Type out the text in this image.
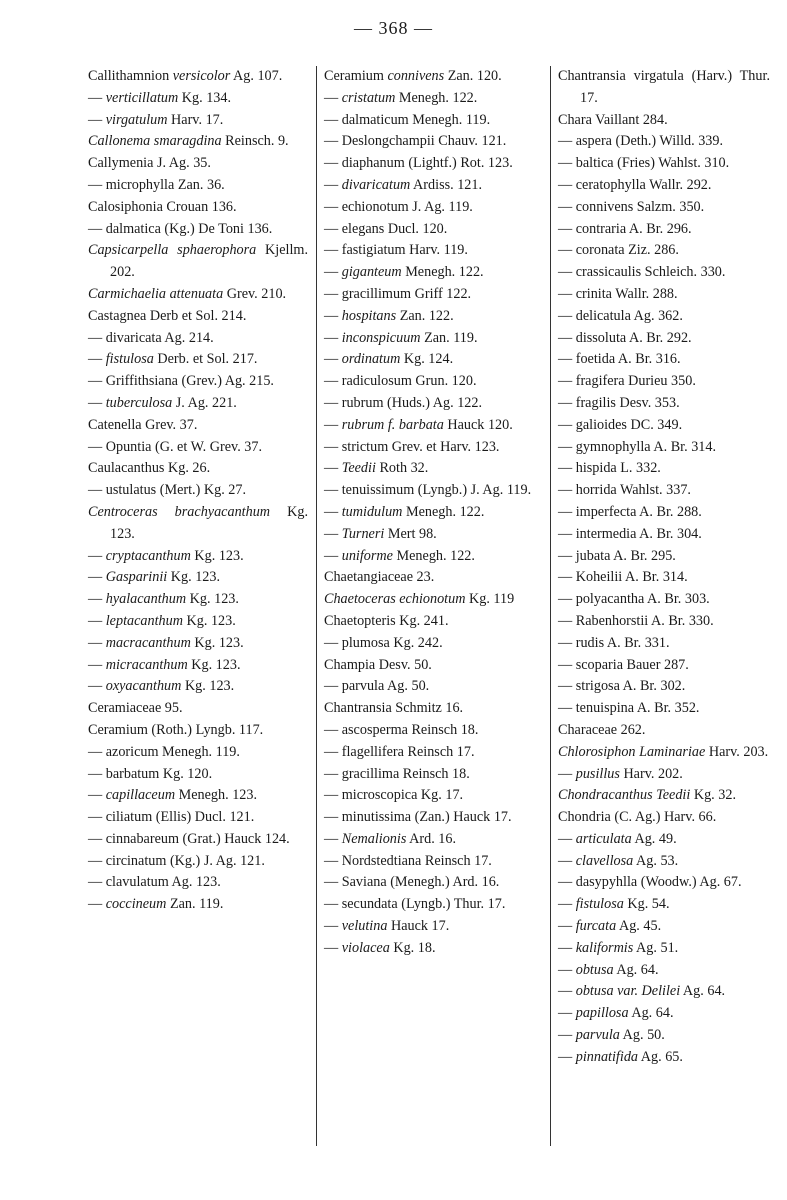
— 368 —
Callithamnion versicolor Ag. 107.
— verticillatum Kg. 134.
— virgatulum Harv. 17.
Callonema smaragdina Reinsch. 9.
Callymenia J. Ag. 35.
— microphylla Zan. 36.
Calosiphonia Crouan 136.
— dalmatica (Kg.) De Toni 136.
Capsicarpella sphaerophora Kjellm. 202.
Carmichaelia attenuata Grev. 210.
Castagnea Derb et Sol. 214.
— divaricata Ag. 214.
— fistulosa Derb. et Sol. 217.
— Griffithsiana (Grev.) Ag. 215.
— tuberculosa J. Ag. 221.
Catenella Grev. 37.
— Opuntia (G. et W. Grev. 37.
Caulacanthus Kg. 26.
— ustulatus (Mert.) Kg. 27.
Centroceras brachyacanthum Kg. 123.
— cryptacanthum Kg. 123.
— Gasparinii Kg. 123.
— hyalacanthum Kg. 123.
— leptacanthum Kg. 123.
— macracanthum Kg. 123.
— micracanthum Kg. 123.
— oxyacanthum Kg. 123.
Ceramiaceae 95.
Ceramium (Roth.) Lyngb. 117.
— azoricum Menegh. 119.
— barbatum Kg. 120.
— capillaceum Menegh. 123.
— ciliatum (Ellis) Ducl. 121.
— cinnabareum (Grat.) Hauck 124.
— circinatum (Kg.) J. Ag. 121.
— clavulatum Ag. 123.
— coccineum Zan. 119.
Ceramium connivens Zan. 120.
— cristatum Menegh. 122.
— dalmaticum Menegh. 119.
— Deslongchampii Chauv. 121.
— diaphanum (Lightf.) Rot. 123.
— divaricatum Ardiss. 121.
— echionotum J. Ag. 119.
— elegans Ducl. 120.
— fastigiatum Harv. 119.
— giganteum Menegh. 122.
— gracillimum Griff 122.
— hospitans Zan. 122.
— inconspicuum Zan. 119.
— ordinatum Kg. 124.
— radiculosum Grun. 120.
— rubrum (Huds.) Ag. 122.
— rubrum f. barbata Hauck 120.
— strictum Grev. et Harv. 123.
— Teedii Roth 32.
— tenuissimum (Lyngb.) J. Ag. 119.
— tumidulum Menegh. 122.
— Turneri Mert 98.
— uniforme Menegh. 122.
Chaetangiaceae 23.
Chaetoceras echionotum Kg. 119
Chaetopteris Kg. 241.
— plumosa Kg. 242.
Champia Desv. 50.
— parvula Ag. 50.
Chantransia Schmitz 16.
— ascosperma Reinsch 18.
— flagellifera Reinsch 17.
— gracillima Reinsch 18.
— microscopica Kg. 17.
— minutissima (Zan.) Hauck 17.
— Nemalionis Ard. 16.
— Nordstedtiana Reinsch 17.
— Saviana (Menegh.) Ard. 16.
— secundata (Lyngb.) Thur. 17.
— velutina Hauck 17.
— violacea Kg. 18.
Chantransia virgatula (Harv.) Thur. 17.
Chara Vaillant 284.
— aspera (Deth.) Willd. 339.
— baltica (Fries) Wahlst. 310.
— ceratophylla Wallr. 292.
— connivens Salzm. 350.
— contraria A. Br. 296.
— coronata Ziz. 286.
— crassicaulis Schleich. 330.
— crinita Wallr. 288.
— delicatula Ag. 362.
— dissoluta A. Br. 292.
— foetida A. Br. 316.
— fragifera Durieu 350.
— fragilis Desv. 353.
— galioides DC. 349.
— gymnophylla A. Br. 314.
— hispida L. 332.
— horrida Wahlst. 337.
— imperfecta A. Br. 288.
— intermedia A. Br. 304.
— jubata A. Br. 295.
— Koheilii A. Br. 314.
— polyacantha A. Br. 303.
— Rabenhorstii A. Br. 330.
— rudis A. Br. 331.
— scoparia Bauer 287.
— strigosa A. Br. 302.
— tenuispina A. Br. 352.
Characeae 262.
Chlorosiphon Laminariae Harv. 203.
— pusillus Harv. 202.
Chondracanthus Teedii Kg. 32.
Chondria (C. Ag.) Harv. 66.
— articulata Ag. 49.
— clavellosa Ag. 53.
— dasypyhlla (Woodw.) Ag. 67.
— fistulosa Kg. 54.
— furcata Ag. 45.
— kaliformis Ag. 51.
— obtusa Ag. 64.
— obtusa var. Delilei Ag. 64.
— papillosa Ag. 64.
— parvula Ag. 50.
— pinnatifida Ag. 65.
